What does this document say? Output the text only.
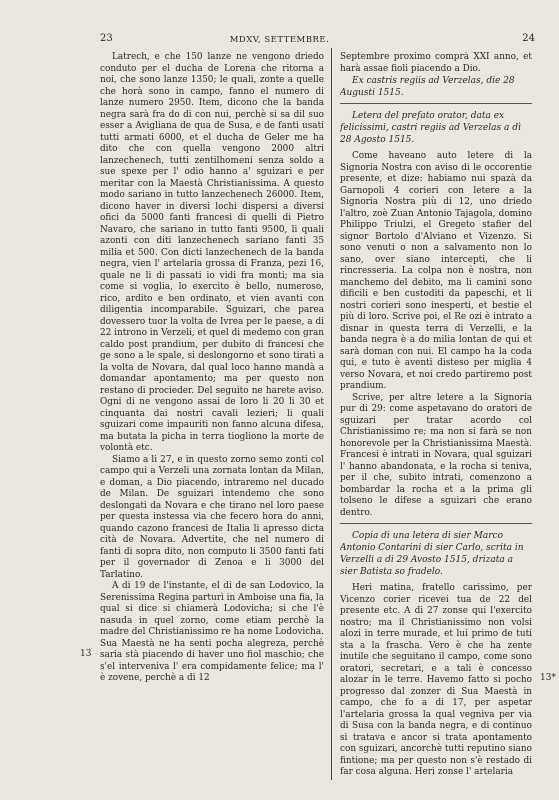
23	MDXV, SETTEMBRE.	24

Latrech, e che 150 lanze ne vengono driedo conduto per el ducha de Lorena che ritorna a noi, che sono lanze 1350; le quali, zonte a quelle che horà sono in campo, fanno el numero di lanze numero 2950. Item, dicono che la banda negra sarà fra do di con nui, perchè si sa dil suo esser a Avigliana de qua de Susa, e de fanti usati tutti armati 6000, et el ducha de Geler me ha dito che con quella vengono 2000 altri lanzechenech, tutti zentilhomeni senza soldo a sue spexe per l' odio hanno a' sguizari e per meritar con la Maestà Christianissima. A questo modo sariano in tutto lanzechenech 26000. Item, dicono haver in diversi lochi dispersi a diversi ofici da 5000 fanti francesi di quelli di Pietro Navaro, che sariano in tutto fanti 9500, li quali azonti con diti lanzechenech sariano fanti 35 milia et 500. Con dicti lanzechenech de la banda negra, vien l' artelaria grossa di Franza, pezi 16, quale ne li di passati io vidi fra monti; ma sia come si voglia, lo exercito è bello, numeroso, rico, ardito e ben ordinato, et vien avanti con diligentia incomparabile. Sguizari, che parea dovessero tuor la volta de Ivrea per le paese, a di 22 introno in Verzeli, et quel di medemo con gran caldo post prandium, per dubito di francesi che ge sono a le spale, si deslongorno et sono tirati a la volta de Novara, dal qual loco hanno mandà a domandar apontamento; ma per questo non restano di procieder. Del seguito ne harete aviso. Ogni di ne vengono assai de loro li 20 li 30 et cinquanta dai nostri cavali lezieri; li quali sguizari come impauriti non fanno alcuna difesa, ma butata la picha in terra tiogliono la morte de volontà etc.

Siamo a li 27, e in questo zorno semo zonti col campo qui a Verzeli una zornata lontan da Milan, e doman, a Dio piacendo, intraremo nel ducado de Milan. De sguizari intendemo che sono deslongati da Novara e che tirano nel loro paese per questa instessa via che fecero hora do anni, quando cazono francesi de Italia li apresso dicta cità de Novara. Advertite, che nel numero di fanti di sopra dito, non computo li 3500 fanti fati per il governador di Zenoa e li 3000 del Tarlatino.

A di 19 de l'instante, el di de san Lodovico, la Serenissima Regina parturì in Amboise una fia, la qual si dice si chiamerà Lodovicha; si che l'è nasuda in quel zorno, come etiam perchè la madre del Christianissimo re ha nome Lodovicha. Sua Maestà ne ha senti pocha alegreza, perchè saria stà piacendo di haver uno fiol maschio; che s'el interveniva l' era compidamente felice; ma l' è zovene, perchè a di 12

Septembre proximo comprà XXI anno, et harà assae fioli piacendo a Dio.

Ex castris regiis ad Verzelas, die 28 Augusti 1515.

Letera del prefato orator, data ex felicissimi, castri regiis ad Verzelas a dì 28 Agosto 1515.

Come haveano auto letere di la Signoria Nostra con aviso di le occorentie presente, et dize: habiamo nui spazà da Garnopoli 4 corieri con letere a la Signoria Nostra più di 12, uno driedo l'altro, zoè Zuan Antonio Tajagola, domino Philippo Triulzi, el Gregeto stafier del signor Bortolo d'Alviano et Vizenzo. Si sono venuti o non a salvamento non lo sano, over siano intercepti, che li rincresseria. La colpa non è nostra, non manchemo del debito, ma li camini sono dificili e ben custoditi da papeschi, et li nostri corieri sono inesperti, et bestie el più di loro. Scrive poi, el Re ozi è intrato a disnar in questa terra di Verzelli, e la banda negra è a do milia lontan de qui et sarà doman con nui. El campo ha la coda qui, e tuto è aventi disteso per miglia 4 verso Novara, et noi credo partiremo post prandium.

Scrive, per altre letere a la Signoria pur di 29: come aspetavano do oratori de sguizari per tratar acordo col Christianissimo re; ma non si farà se non honorevole per la Christianissima Maestà. Francesi è intrati in Novara, qual sguizari l' hanno abandonata, e la rocha si teniva, per il che, subito intrati, comenzono a bombardar la rocha et a la prima gli tolseno le difese a sguizari che erano dentro.

Copia di una letera di sier Marco Antonio Contarini di sier Carlo, scrita in Verzelli a di 29 Avosto 1515, drizata a sier Batista so fradelo.

Heri matina, fratello carissimo, per Vicenzo corier ricevei tua de 22 del presente etc. A di 27 zonse qui l'exercito nostro; ma il Christianissimo non volsi alozi in terre murade, et lui primo de tuti sta a la frascha. Vero è che ha zente inutile che seguitano il campo, come sono oratori, secretari, e a tali è concesso alozar in le terre. Havemo fatto si pocho progresso dal zonzer di Sua Maestà in campo, che fo a di 17, per aspetar l'artelaria grossa la qual vegniva per via di Susa con la banda negra, e di continuo si tratava e ancor si trata apontamento con sguizari, ancorchè tutti reputino siano fintione; ma per questo non s'è restado di far cosa alguna. Heri zonse l' artelaria

13
13*
